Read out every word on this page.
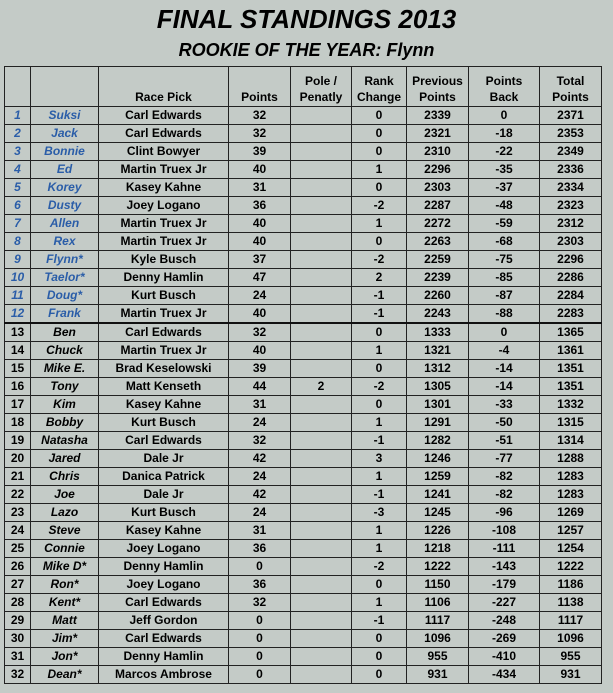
FINAL STANDINGS 2013
ROOKIE OF THE YEAR: Flynn
		Race Pick	Points	Pole / Penatly	Rank Change	Previous Points	Points Back	Total Points
1	Suksi	Carl Edwards	32		0	2339	0	2371
2	Jack	Carl Edwards	32		0	2321	-18	2353
3	Bonnie	Clint Bowyer	39		0	2310	-22	2349
4	Ed	Martin Truex Jr	40		1	2296	-35	2336
5	Korey	Kasey Kahne	31		0	2303	-37	2334
6	Dusty	Joey Logano	36		-2	2287	-48	2323
7	Allen	Martin Truex Jr	40		1	2272	-59	2312
8	Rex	Martin Truex Jr	40		0	2263	-68	2303
9	Flynn*	Kyle Busch	37		-2	2259	-75	2296
10	Taelor*	Denny Hamlin	47		2	2239	-85	2286
11	Doug*	Kurt Busch	24		-1	2260	-87	2284
12	Frank	Martin Truex Jr	40		-1	2243	-88	2283
13	Ben	Carl Edwards	32		0	1333	0	1365
14	Chuck	Martin Truex Jr	40		1	1321	-4	1361
15	Mike E.	Brad Keselowski	39		0	1312	-14	1351
16	Tony	Matt Kenseth	44	2	-2	1305	-14	1351
17	Kim	Kasey Kahne	31		0	1301	-33	1332
18	Bobby	Kurt Busch	24		1	1291	-50	1315
19	Natasha	Carl Edwards	32		-1	1282	-51	1314
20	Jared	Dale Jr	42		3	1246	-77	1288
21	Chris	Danica Patrick	24		1	1259	-82	1283
22	Joe	Dale Jr	42		-1	1241	-82	1283
23	Lazo	Kurt Busch	24		-3	1245	-96	1269
24	Steve	Kasey Kahne	31		1	1226	-108	1257
25	Connie	Joey Logano	36		1	1218	-111	1254
26	Mike D*	Denny Hamlin	0		-2	1222	-143	1222
27	Ron*	Joey Logano	36		0	1150	-179	1186
28	Kent*	Carl Edwards	32		1	1106	-227	1138
29	Matt	Jeff Gordon	0		-1	1117	-248	1117
30	Jim*	Carl Edwards	0		0	1096	-269	1096
31	Jon*	Denny Hamlin	0		0	955	-410	955
32	Dean*	Marcos Ambrose	0		0	931	-434	931
